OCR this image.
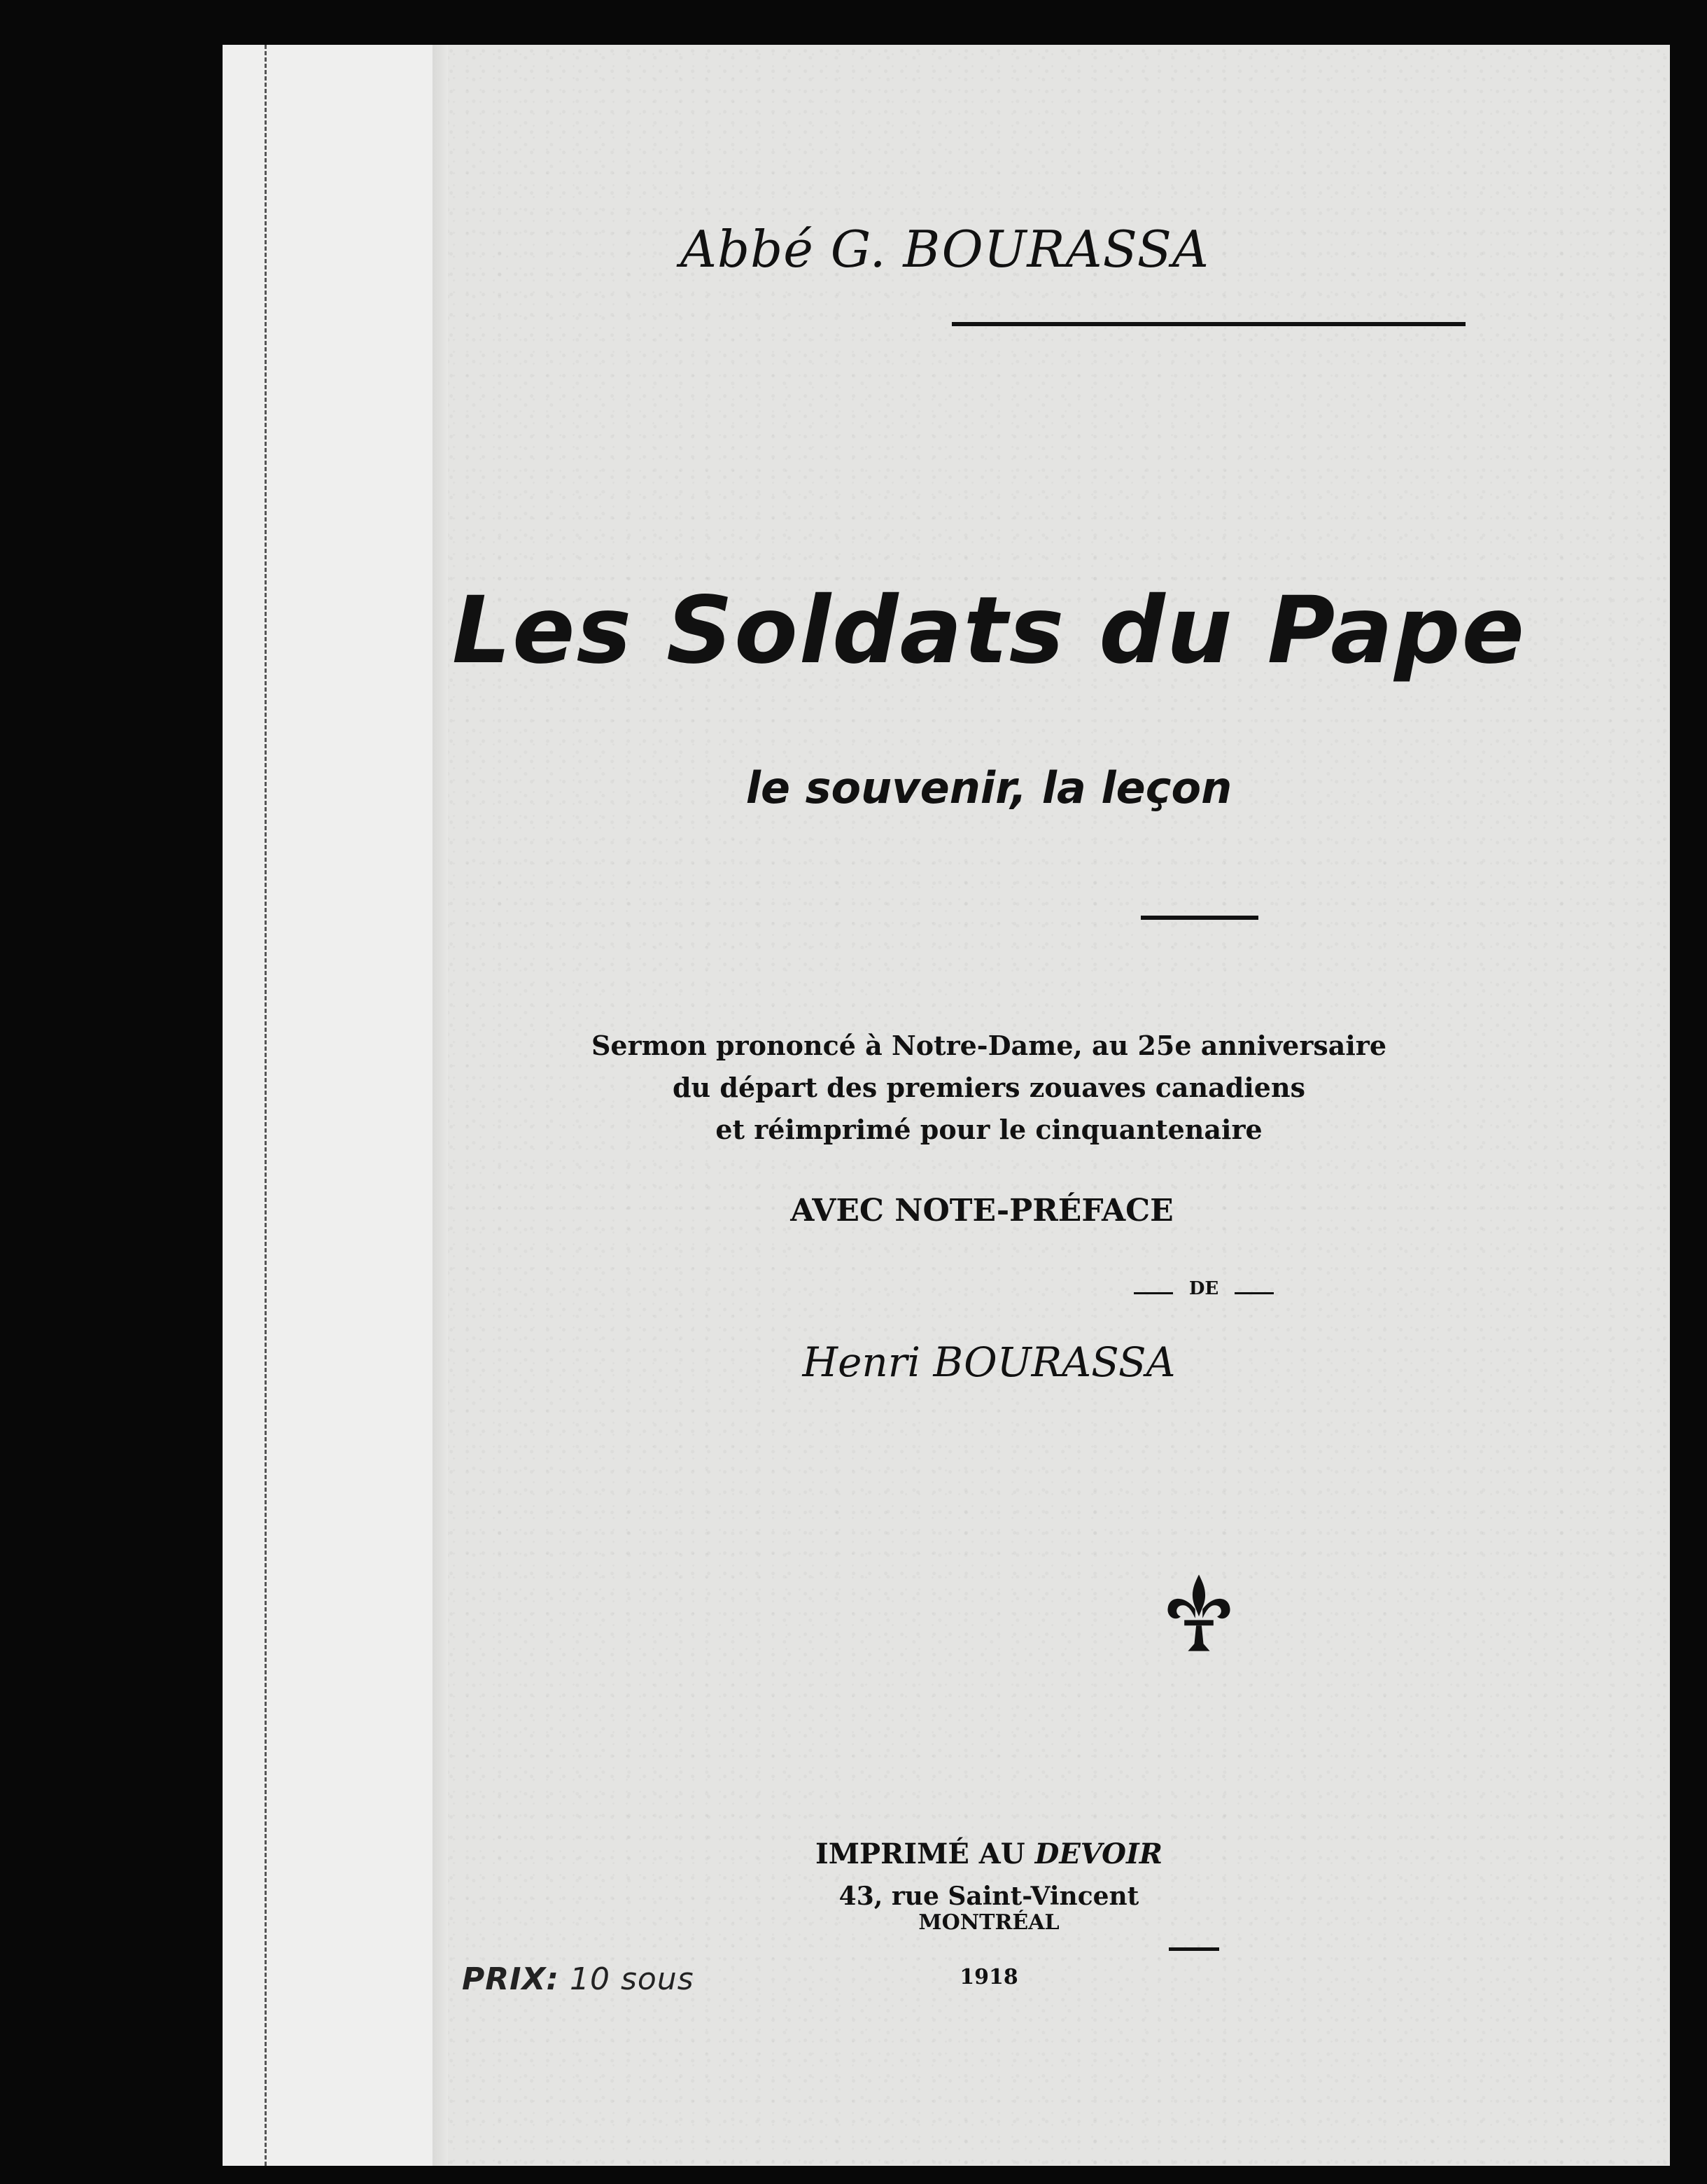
Abbé G. BOURASSA
Les Soldats du Pape
le souvenir, la leçon
Sermon prononcé à Notre-Dame, au 25e anniversaire
du départ des premiers zouaves canadiens
et réimprimé pour le cinquantenaire
AVEC NOTE-PRÉFACE
DE
Henri BOURASSA
IMPRIMÉ AU DEVOIR
43, rue Saint-Vincent
MONTRÉAL
1918
PRIX: 10 sous
